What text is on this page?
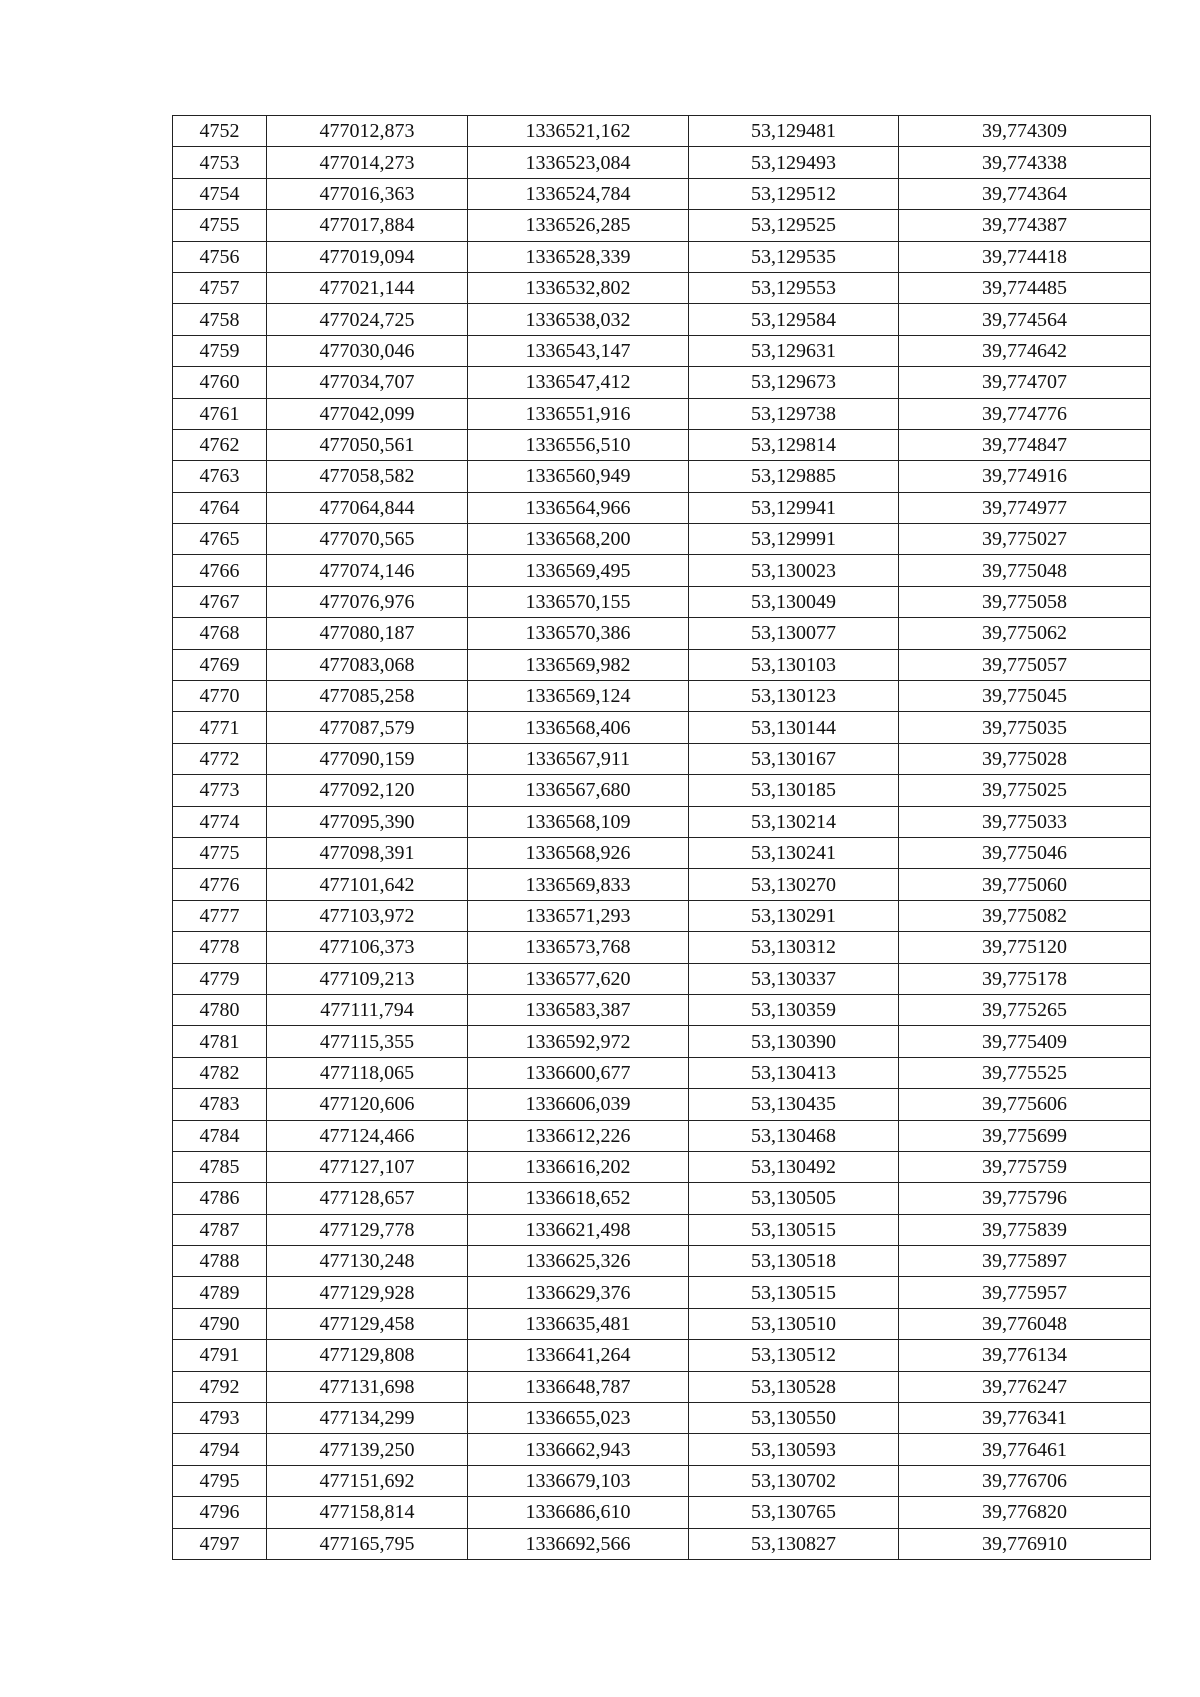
4752	477012,873	1336521,162	53,129481	39,774309
4753	477014,273	1336523,084	53,129493	39,774338
4754	477016,363	1336524,784	53,129512	39,774364
4755	477017,884	1336526,285	53,129525	39,774387
4756	477019,094	1336528,339	53,129535	39,774418
4757	477021,144	1336532,802	53,129553	39,774485
4758	477024,725	1336538,032	53,129584	39,774564
4759	477030,046	1336543,147	53,129631	39,774642
4760	477034,707	1336547,412	53,129673	39,774707
4761	477042,099	1336551,916	53,129738	39,774776
4762	477050,561	1336556,510	53,129814	39,774847
4763	477058,582	1336560,949	53,129885	39,774916
4764	477064,844	1336564,966	53,129941	39,774977
4765	477070,565	1336568,200	53,129991	39,775027
4766	477074,146	1336569,495	53,130023	39,775048
4767	477076,976	1336570,155	53,130049	39,775058
4768	477080,187	1336570,386	53,130077	39,775062
4769	477083,068	1336569,982	53,130103	39,775057
4770	477085,258	1336569,124	53,130123	39,775045
4771	477087,579	1336568,406	53,130144	39,775035
4772	477090,159	1336567,911	53,130167	39,775028
4773	477092,120	1336567,680	53,130185	39,775025
4774	477095,390	1336568,109	53,130214	39,775033
4775	477098,391	1336568,926	53,130241	39,775046
4776	477101,642	1336569,833	53,130270	39,775060
4777	477103,972	1336571,293	53,130291	39,775082
4778	477106,373	1336573,768	53,130312	39,775120
4779	477109,213	1336577,620	53,130337	39,775178
4780	477111,794	1336583,387	53,130359	39,775265
4781	477115,355	1336592,972	53,130390	39,775409
4782	477118,065	1336600,677	53,130413	39,775525
4783	477120,606	1336606,039	53,130435	39,775606
4784	477124,466	1336612,226	53,130468	39,775699
4785	477127,107	1336616,202	53,130492	39,775759
4786	477128,657	1336618,652	53,130505	39,775796
4787	477129,778	1336621,498	53,130515	39,775839
4788	477130,248	1336625,326	53,130518	39,775897
4789	477129,928	1336629,376	53,130515	39,775957
4790	477129,458	1336635,481	53,130510	39,776048
4791	477129,808	1336641,264	53,130512	39,776134
4792	477131,698	1336648,787	53,130528	39,776247
4793	477134,299	1336655,023	53,130550	39,776341
4794	477139,250	1336662,943	53,130593	39,776461
4795	477151,692	1336679,103	53,130702	39,776706
4796	477158,814	1336686,610	53,130765	39,776820
4797	477165,795	1336692,566	53,130827	39,776910
